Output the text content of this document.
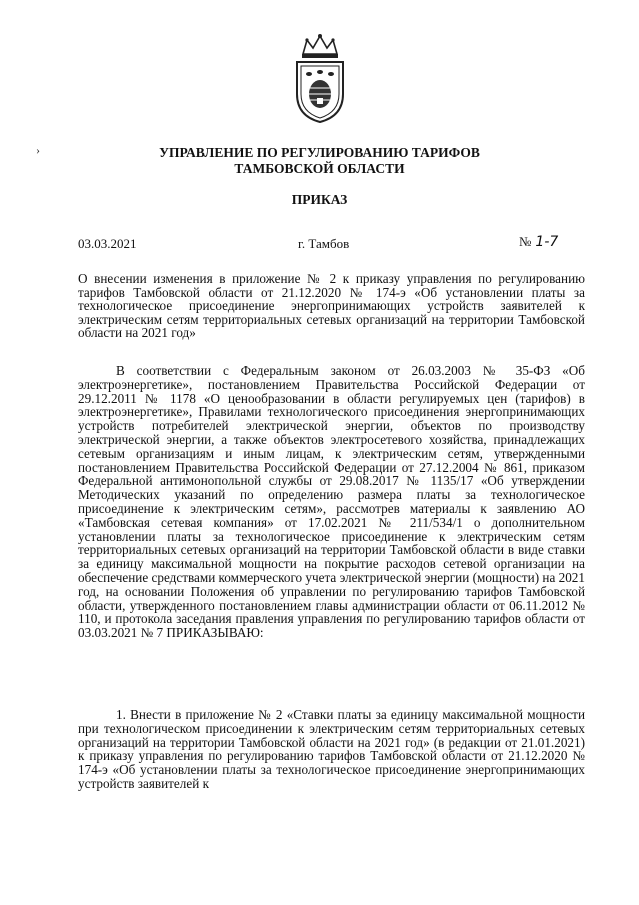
›	УПРАВЛЕНИЕ ПО РЕГУЛИРОВАНИЮ ТАРИФОВ
ТАМБОВСКОЙ ОБЛАСТИ
ПРИКАЗ
03.03.2021	г. Тамбов	№ 1-7

О внесении изменения в приложение № 2 к приказу управления по регулированию тарифов Тамбовской области от 21.12.2020 № 174-э «Об установлении платы за технологическое присоединение энергопринимающих устройств заявителей к электрическим сетям территориальных сетевых организаций на территории Тамбовской области на 2021 год»

В соответствии с Федеральным законом от 26.03.2003 № 35-ФЗ «Об электроэнергетике», постановлением Правительства Российской Федерации от 29.12.2011 № 1178 «О ценообразовании в области регулируемых цен (тарифов) в электроэнергетике», Правилами технологического присоединения энергопринимающих устройств потребителей электрической энергии, объектов по производству электрической энергии, а также объектов электросетевого хозяйства, принадлежащих сетевым организациям и иным лицам, к электрическим сетям, утвержденными постановлением Правительства Российской Федерации от 27.12.2004 № 861, приказом Федеральной антимонопольной службы от 29.08.2017 № 1135/17 «Об утверждении Методических указаний по определению размера платы за технологическое присоединение к электрическим сетям», рассмотрев материалы к заявлению АО «Тамбовская сетевая компания» от 17.02.2021 № 211/534/1 о дополнительном установлении платы за технологическое присоединение к электрическим сетям территориальных сетевых организаций на территории Тамбовской области в виде ставки за единицу максимальной мощности на покрытие расходов сетевой организации на обеспечение средствами коммерческого учета электрической энергии (мощности) на 2021 год, на основании Положения об управлении по регулированию тарифов Тамбовской области, утвержденного постановлением главы администрации области от 06.11.2012 № 110, и протокола заседания правления управления по регулированию тарифов области от 03.03.2021 № 7 ПРИКАЗЫВАЮ:

1. Внести в приложение № 2 «Ставки платы за единицу максимальной мощности при технологическом присоединении к электрическим сетям территориальных сетевых организаций на территории Тамбовской области на 2021 год» (в редакции от 21.01.2021) к приказу управления по регулированию тарифов Тамбовской области от 21.12.2020 № 174-э «Об установлении платы за технологическое присоединение энергопринимающих устройств заявителей к
